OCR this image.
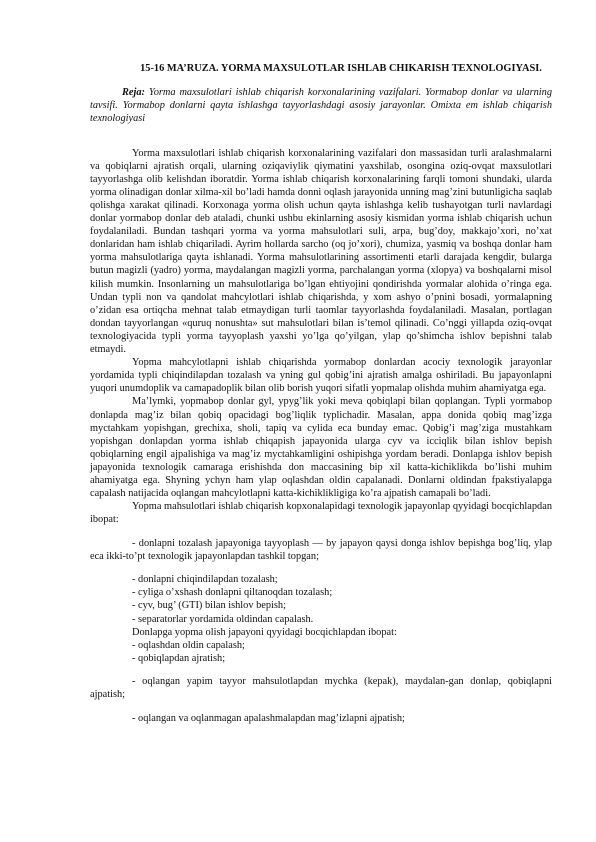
15-16 MA’RUZA. YORMA MAXSULOTLAR ISHLAB CHIKARISH TEXNOLOGIYASI.

Reja: Yorma maxsulotlari ishlab chiqarish korxonalarining vazifalari. Yormabop donlar va ularning tavsifi. Yormabop donlarni qayta ishlashga tayyorlashdagi asosiy jarayonlar. Omixta em ishlab chiqarish texnologiyasi

Yorma maxsulotlari ishlab chiqarish korxonalarining vazifalari don massasidan turli aralashmalarni va qobiqlarni ajratish orqali, ularning oziqaviylik qiymatini yaxshilab, osongina oziq-ovqat maxsulotlari tayyorlashga olib kelishdan iboratdir. Yorma ishlab chiqarish korxonalarining farqli tomoni shundaki, ularda yorma olinadigan donlar xilma-xil bo’ladi hamda donni oqlash jarayonida unning mag’zini butunligicha saqlab qolishga xarakat qilinadi. Korxonaga yorma olish uchun qayta ishlashga kelib tushayotgan turli navlardagi donlar yormabop donlar deb ataladi, chunki ushbu ekinlarning asosiy kismidan yorma ishlab chiqarish uchun foydalaniladi. Bundan tashqari yorma va yorma mahsulotlari suli, arpa, bug’doy, makkajo’xori, no’xat donlaridan ham ishlab chiqariladi. Ayrim hollarda sarcho (oq jo’xori), chumiza, yasmiq va boshqa donlar ham yorma mahsulotlariga qayta ishlanadi. Yorma mahsulotlarining assortimenti etarli darajada kengdir, bularga butun magizli (yadro) yorma, maydalangan magizli yorma, parchalangan yorma (xlopya) va boshqalarni misol kilish mumkin. Insonlarning un mahsulotlariga bo’lgan ehtiyojini qondirishda yormalar alohida o’ringa ega. Undan typli non va qandolat mahcylotlari ishlab chiqarishda, y xom ashyo o’pnini bosadi, yormalapning o’zidan esa ortiqcha mehnat talab etmaydigan turli taomlar tayyorlashda foydalaniladi. Masalan, portlagan dondan tayyorlangan «quruq nonushta» sut mahsulotlari bilan is’temol qilinadi. Co’nggi yillapda oziq-ovqat texnologiyacida typli yorma tayyoplash yaxshi yo’lga qo’yilgan, ylap qo’shimcha ishlov bepishni talab etmaydi.

Yopma mahcylotlapni ishlab chiqarishda yormabop donlardan acociy texnologik jarayonlar yordamida typli chiqindilapdan tozalash va yning gul qobig’ini ajratish amalga oshiriladi. Bu japayonlapni yuqori unumdoplik va camapadoplik bilan olib borish yuqori sifatli yopmalap olishda muhim ahamiyatga ega.

Ma’lymki, yopmabop donlar gyl, ypyg’lik yoki meva qobiqlapi bilan qoplangan. Typli yormabop donlapda mag’iz bilan qobiq opacidagi bog’liqlik typlichadir. Masalan, appa donida qobiq mag’izga myctahkam yopishgan, grechixa, sholi, tapiq va cylida eca bunday emac. Qobig’i mag’ziga mustahkam yopishgan donlapdan yorma ishlab chiqapish japayonida ularga cyv va icciqlik bilan ishlov bepish qobiqlarning engil ajpalishiga va mag’iz myctahkamligini oshipishga yordam beradi. Donlapga ishlov bepish japayonida texnologik camaraga erishishda don maccasining bip xil katta-kichiklikda bo’lishi muhim ahamiyatga ega. Shyning ychyn ham ylap oqlashdan oldin capalanadi. Donlarni oldindan fpakstiyalapga capalash natijacida oqlangan mahcylotlapni katta-kichiklikligiga ko’ra ajpatish camapali bo’ladi.

Yopma mahsulotlari ishlab chiqarish kopxonalapidagi texnologik japayonlap qyyidagi bocqichlapdan ibopat:

- donlapni tozalash japayoniga tayyoplash — by japayon qaysi donga ishlov bepishga bog’liq, ylap eca ikki-to’pt texnologik japayonlapdan tashkil topgan;

- donlapni chiqindilapdan tozalash;
- cyliga o’xshash donlapni qiltanoqdan tozalash;
- cyv, bug’ (GTI) bilan ishlov bepish;
- separatorlar yordamida oldindan capalash.
Donlapga yopma olish japayoni qyyidagi bocqichlapdan ibopat:
- oqlashdan oldin capalash;
- qobiqlapdan ajratish;

- oqlangan yapim tayyor mahsulotlapdan mychka (kepak), maydalan-gan donlap, qobiqlapni ajpatish;

- oqlangan va oqlanmagan apalashmalapdan mag’izlapni ajpatish;
